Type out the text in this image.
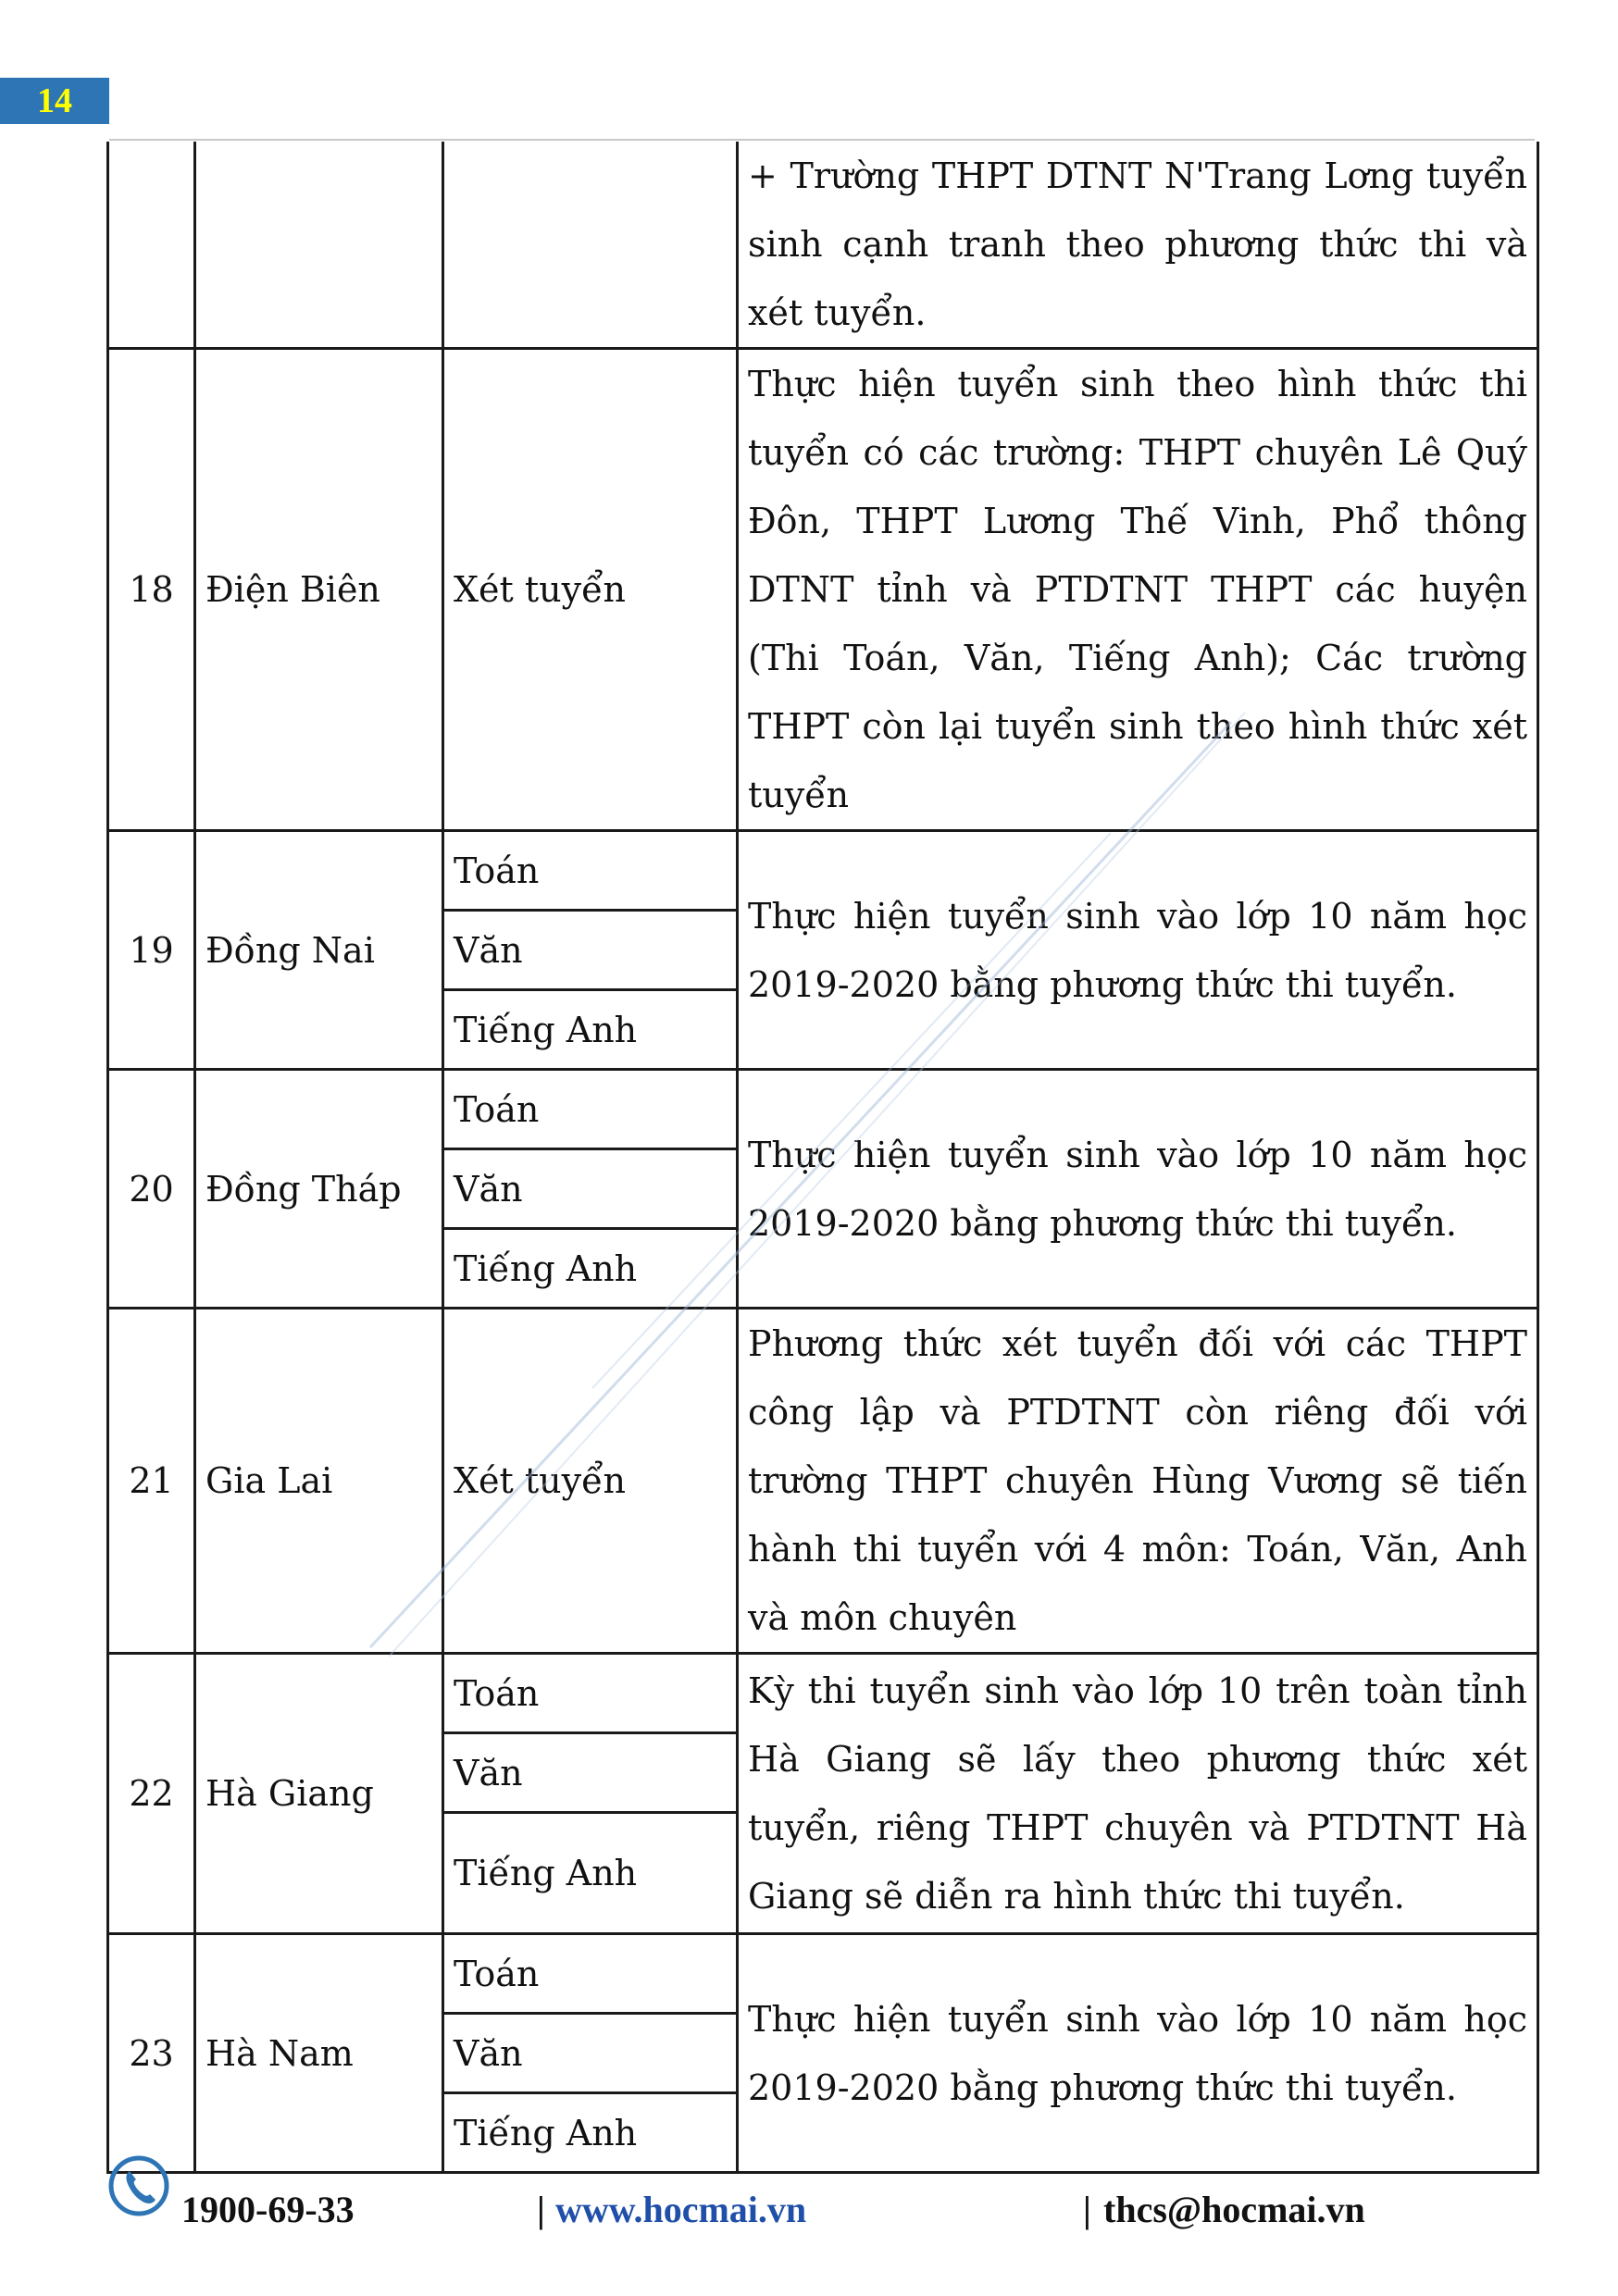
14
			+ Trường THPT DTNT N'Trang Lơng tuyển sinh cạnh tranh theo phương thức thi và xét tuyển.
18	Điện Biên	Xét tuyển	Thực hiện tuyển sinh theo hình thức thi tuyển có các trường: THPT chuyên Lê Quý Đôn, THPT Lương Thế Vinh, Phổ thông DTNT tỉnh và PTDTNT THPT các huyện (Thi Toán, Văn, Tiếng Anh); Các trường THPT còn lại tuyển sinh theo hình thức xét tuyển
19	Đồng Nai	Toán	Thực hiện tuyển sinh vào lớp 10 năm học 2019-2020 bằng phương thức thi tuyển.
		Văn	
		Tiếng Anh	
20	Đồng Tháp	Toán	Thực hiện tuyển sinh vào lớp 10 năm học 2019-2020 bằng phương thức thi tuyển.
		Văn	
		Tiếng Anh	
21	Gia Lai	Xét tuyển	Phương thức xét tuyển đối với các THPT công lập và PTDTNT còn riêng đối với trường THPT chuyên Hùng Vương sẽ tiến hành thi tuyển với 4 môn: Toán, Văn, Anh và môn chuyên
22	Hà Giang	Toán	Kỳ thi tuyển sinh vào lớp 10 trên toàn tỉnh Hà Giang sẽ lấy theo phương thức xét tuyển, riêng THPT chuyên và PTDTNT Hà Giang sẽ diễn ra hình thức thi tuyển.
		Văn	
		Tiếng Anh	
23	Hà Nam	Toán	Thực hiện tuyển sinh vào lớp 10 năm học 2019-2020 bằng phương thức thi tuyển.
		Văn	
		Tiếng Anh	
1900-69-33	| www.hocmai.vn	| thcs@hocmai.vn
